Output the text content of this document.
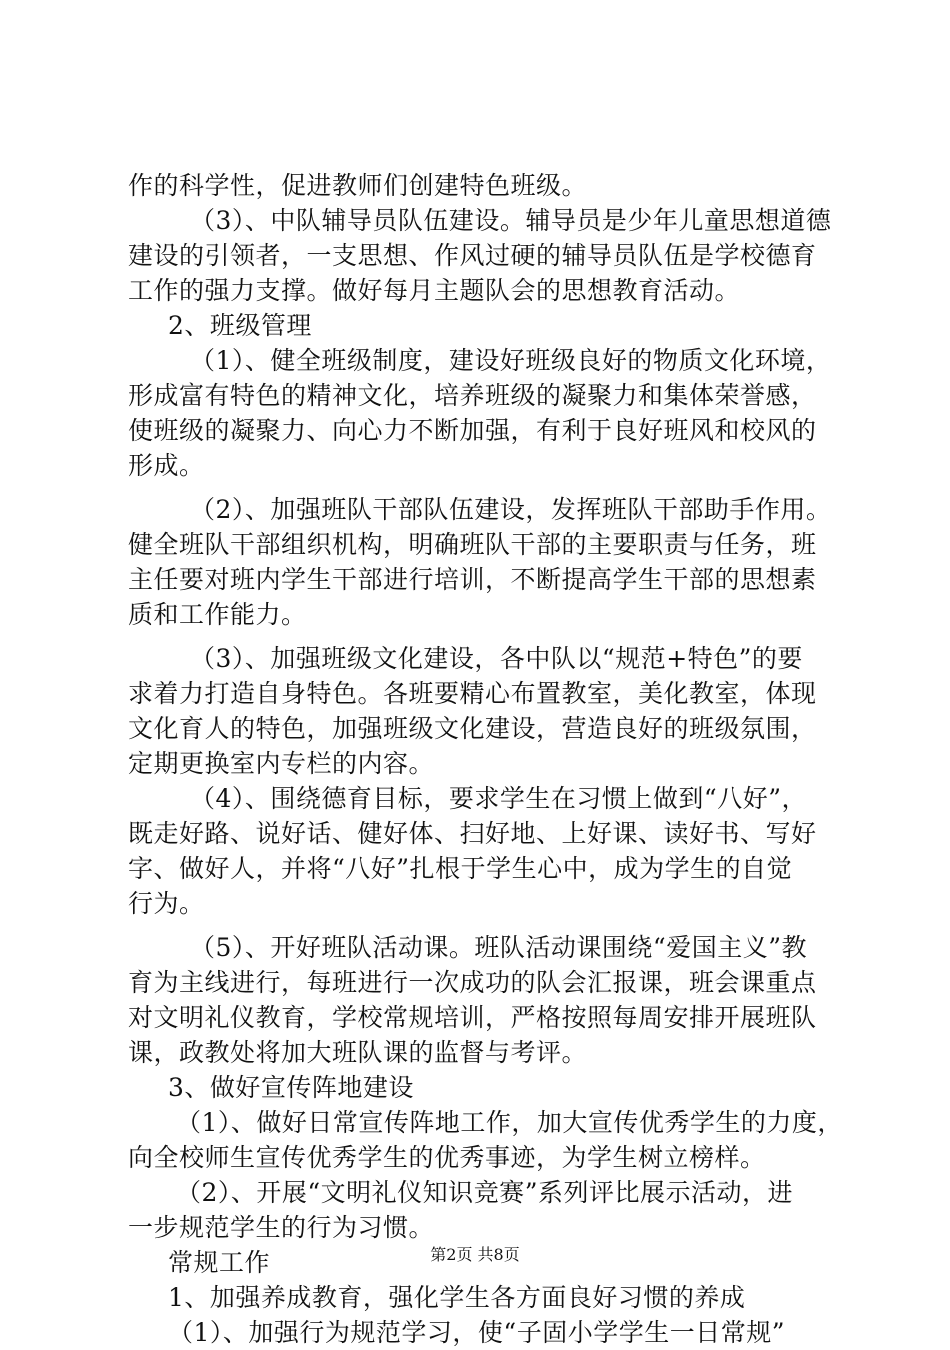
作的科学性，促进教师们创建特色班级。
（3）、中队辅导员队伍建设。辅导员是少年儿童思想道德
建设的引领者，一支思想、作风过硬的辅导员队伍是学校德育
工作的强力支撑。做好每月主题队会的思想教育活动。
2、班级管理
（1）、健全班级制度，建设好班级良好的物质文化环境，
形成富有特色的精神文化，培养班级的凝聚力和集体荣誉感，
使班级的凝聚力、向心力不断加强，有利于良好班风和校风的
形成。
（2）、加强班队干部队伍建设，发挥班队干部助手作用。
健全班队干部组织机构，明确班队干部的主要职责与任务，班
主任要对班内学生干部进行培训，不断提高学生干部的思想素
质和工作能力。
（3）、加强班级文化建设，各中队以“规范+特色”的要
求着力打造自身特色。各班要精心布置教室，美化教室，体现
文化育人的特色，加强班级文化建设，营造良好的班级氛围，
定期更换室内专栏的内容。
（4）、围绕德育目标，要求学生在习惯上做到“八好”，
既走好路、说好话、健好体、扫好地、上好课、读好书、写好
字、做好人，并将“八好”扎根于学生心中，成为学生的自觉
行为。
（5）、开好班队活动课。班队活动课围绕“爱国主义”教
育为主线进行，每班进行一次成功的队会汇报课，班会课重点
对文明礼仪教育，学校常规培训，严格按照每周安排开展班队
课，政教处将加大班队课的监督与考评。
3、做好宣传阵地建设
（1）、做好日常宣传阵地工作，加大宣传优秀学生的力度，
向全校师生宣传优秀学生的优秀事迹，为学生树立榜样。
（2）、开展“文明礼仪知识竞赛”系列评比展示活动，进
一步规范学生的行为习惯。
常规工作
1、加强养成教育，强化学生各方面良好习惯的养成
（1）、加强行为规范学习，使“子固小学学生一日常规”
第2页 共8页
